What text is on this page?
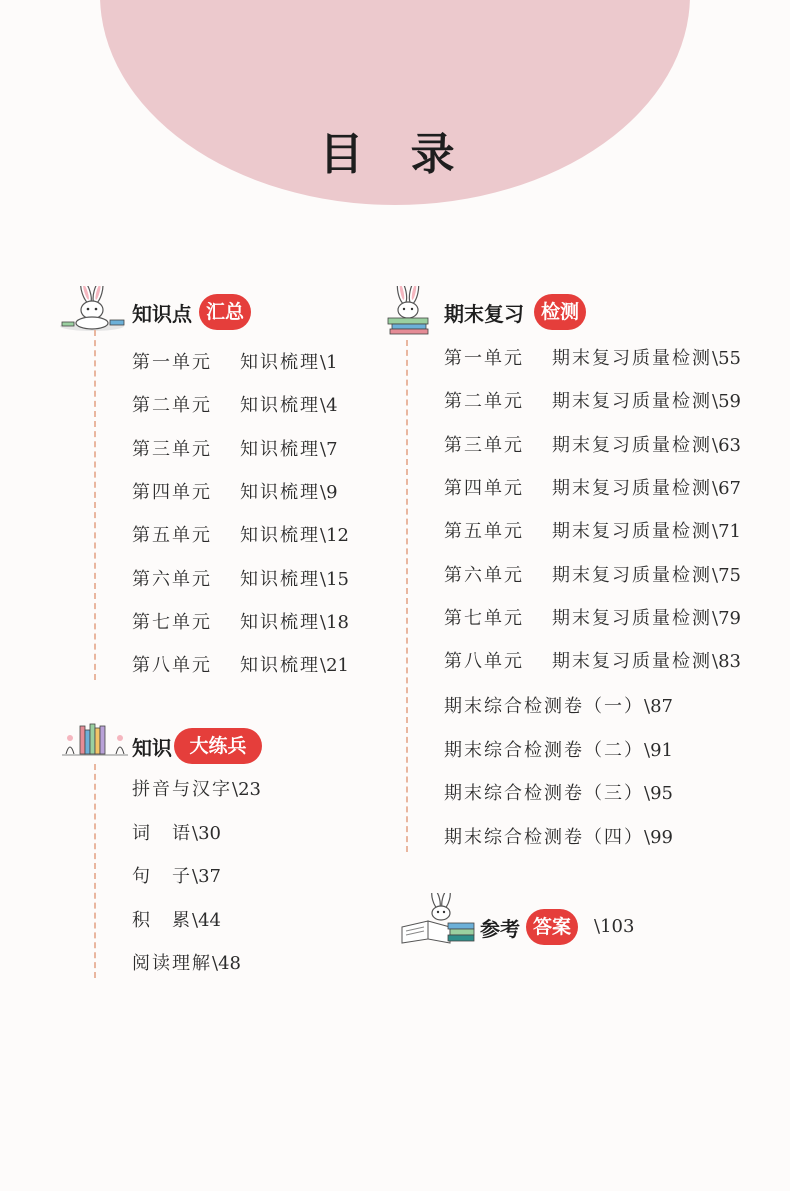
目 录
知识点 汇总
第一单元 知识梳理\1
第二单元 知识梳理\4
第三单元 知识梳理\7
第四单元 知识梳理\9
第五单元 知识梳理\12
第六单元 知识梳理\15
第七单元 知识梳理\18
第八单元 知识梳理\21
知识 大练兵
拼音与汉字\23
词　语\30
句　子\37
积　累\44
阅读理解\48
期末复习 检测
第一单元 期末复习质量检测\55
第二单元 期末复习质量检测\59
第三单元 期末复习质量检测\63
第四单元 期末复习质量检测\67
第五单元 期末复习质量检测\71
第六单元 期末复习质量检测\75
第七单元 期末复习质量检测\79
第八单元 期末复习质量检测\83
期末综合检测卷（一）\87
期末综合检测卷（二）\91
期末综合检测卷（三）\95
期末综合检测卷（四）\99
参考 答案	\103
